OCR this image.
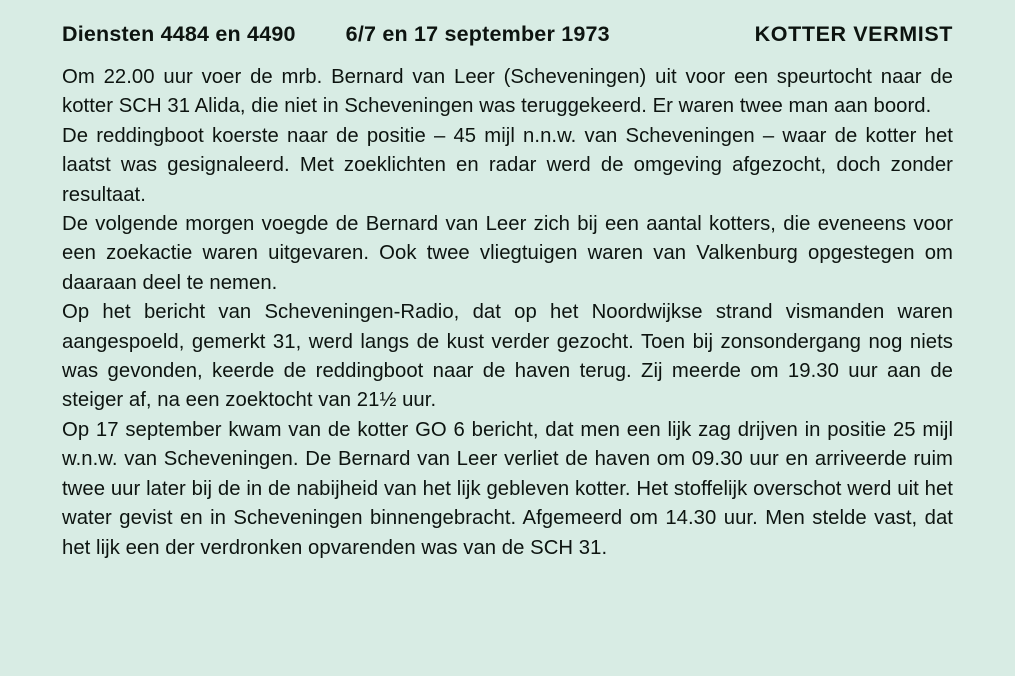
Diensten 4484 en 4490 6/7 en 17 september 1973	KOTTER VERMIST

Om 22.00 uur voer de mrb. Bernard van Leer (Scheveningen) uit voor een speurtocht naar de kotter SCH 31 Alida, die niet in Scheveningen was teruggekeerd. Er waren twee man aan boord.

De reddingboot koerste naar de positie – 45 mijl n.n.w. van Scheveningen – waar de kotter het laatst was gesignaleerd. Met zoeklichten en radar werd de omgeving afgezocht, doch zonder resultaat.

De volgende morgen voegde de Bernard van Leer zich bij een aantal kotters, die eveneens voor een zoekactie waren uitgevaren. Ook twee vliegtuigen waren van Valkenburg opgestegen om daaraan deel te nemen.

Op het bericht van Scheveningen-Radio, dat op het Noordwijkse strand vismanden waren aangespoeld, gemerkt 31, werd langs de kust verder gezocht. Toen bij zonsondergang nog niets was gevonden, keerde de reddingboot naar de haven terug. Zij meerde om 19.30 uur aan de steiger af, na een zoektocht van 21½ uur.

Op 17 september kwam van de kotter GO 6 bericht, dat men een lijk zag drijven in positie 25 mijl w.n.w. van Scheveningen. De Bernard van Leer verliet de haven om 09.30 uur en arriveerde ruim twee uur later bij de in de nabijheid van het lijk gebleven kotter. Het stoffelijk overschot werd uit het water gevist en in Scheveningen binnengebracht. Afgemeerd om 14.30 uur. Men stelde vast, dat het lijk een der verdronken opvarenden was van de SCH 31.
